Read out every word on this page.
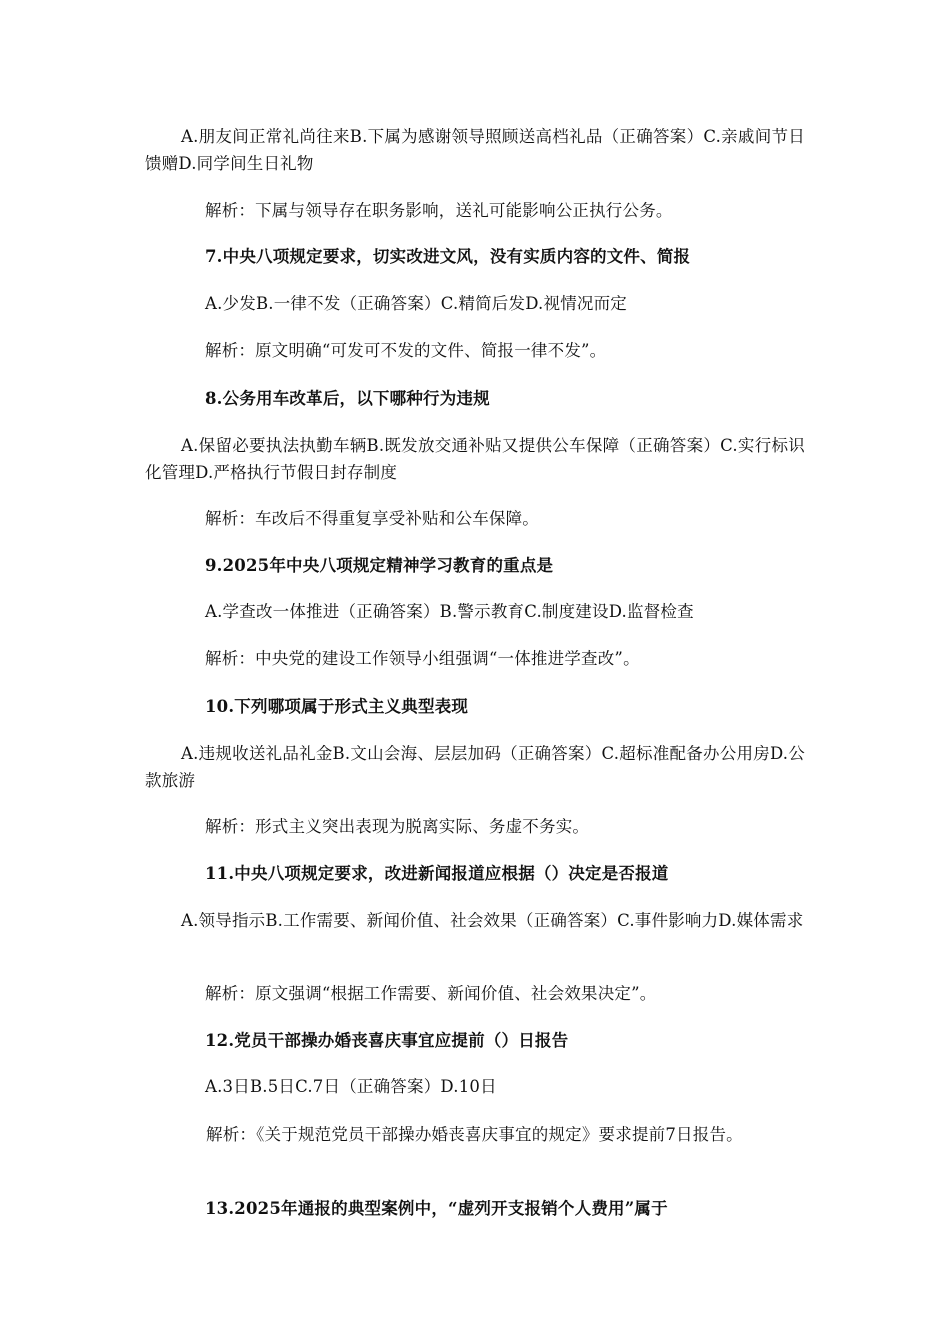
A.朋友间正常礼尚往来B.下属为感谢领导照顾送高档礼品（正确答案）C.亲戚间节日馈赠D.同学间生日礼物
解析：下属与领导存在职务影响，送礼可能影响公正执行公务。
7.中央八项规定要求，切实改进文风，没有实质内容的文件、简报
A.少发B.一律不发（正确答案）C.精简后发D.视情况而定
解析：原文明确“可发可不发的文件、简报一律不发”。
8.公务用车改革后，以下哪种行为违规
A.保留必要执法执勤车辆B.既发放交通补贴又提供公车保障（正确答案）C.实行标识化管理D.严格执行节假日封存制度
解析：车改后不得重复享受补贴和公车保障。
9.2025年中央八项规定精神学习教育的重点是
A.学查改一体推进（正确答案）B.警示教育C.制度建设D.监督检查
解析：中央党的建设工作领导小组强调“一体推进学查改”。
10.下列哪项属于形式主义典型表现
A.违规收送礼品礼金B.文山会海、层层加码（正确答案）C.超标准配备办公用房D.公款旅游
解析：形式主义突出表现为脱离实际、务虚不务实。
11.中央八项规定要求，改进新闻报道应根据（）决定是否报道
A.领导指示B.工作需要、新闻价值、社会效果（正确答案）C.事件影响力D.媒体需求
解析：原文强调“根据工作需要、新闻价值、社会效果决定”。
12.党员干部操办婚丧喜庆事宜应提前（）日报告
A.3日B.5日C.7日（正确答案）D.10日
解析：《关于规范党员干部操办婚丧喜庆事宜的规定》要求提前7日报告。
13.2025年通报的典型案例中，“虚列开支报销个人费用”属于
